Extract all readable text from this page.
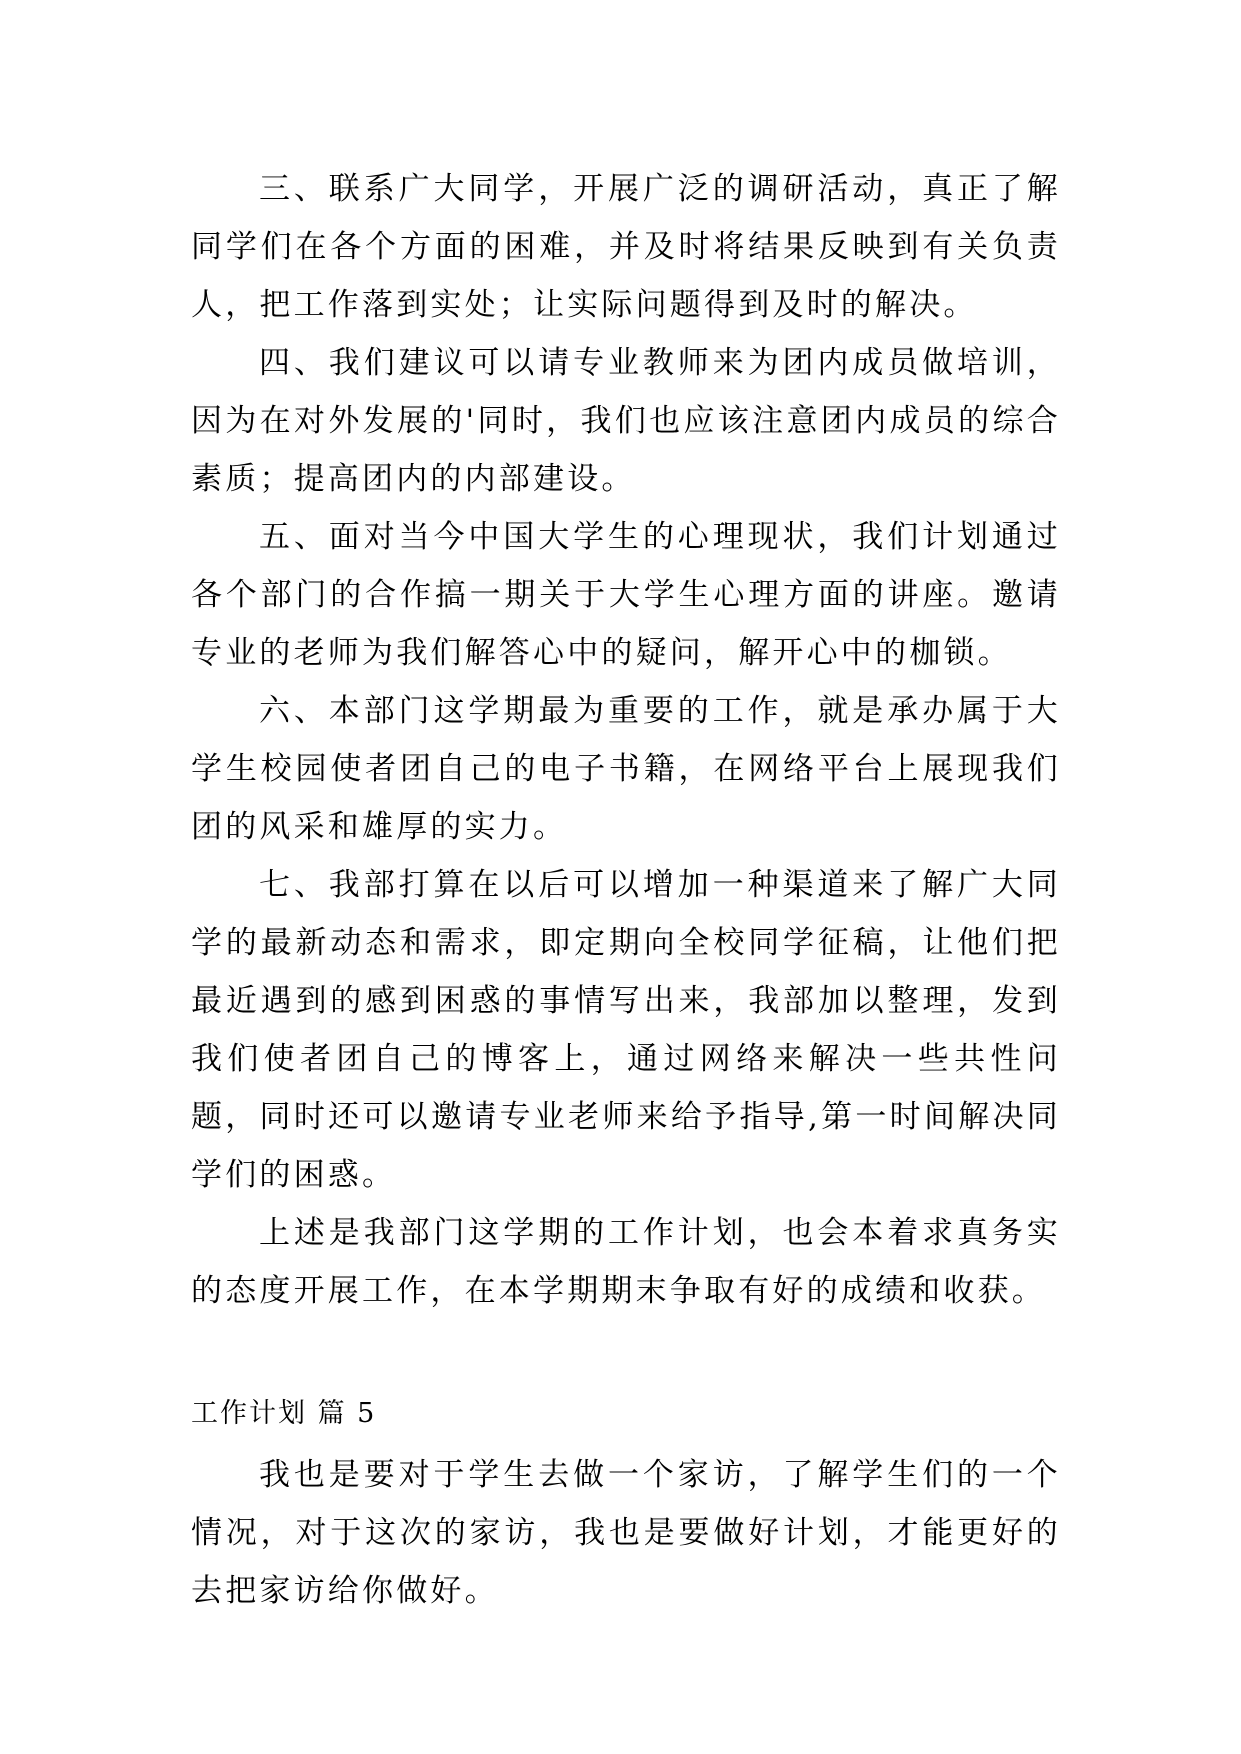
三、联系广大同学，开展广泛的调研活动，真正了解同学们在各个方面的困难，并及时将结果反映到有关负责人，把工作落到实处；让实际问题得到及时的解决。

四、我们建议可以请专业教师来为团内成员做培训，因为在对外发展的'同时，我们也应该注意团内成员的综合素质；提高团内的内部建设。

五、面对当今中国大学生的心理现状，我们计划通过各个部门的合作搞一期关于大学生心理方面的讲座。邀请专业的老师为我们解答心中的疑问，解开心中的枷锁。

六、本部门这学期最为重要的工作，就是承办属于大学生校园使者团自己的电子书籍，在网络平台上展现我们团的风采和雄厚的实力。

七、我部打算在以后可以增加一种渠道来了解广大同学的最新动态和需求，即定期向全校同学征稿，让他们把最近遇到的感到困惑的事情写出来，我部加以整理，发到我们使者团自己的博客上，通过网络来解决一些共性问题，同时还可以邀请专业老师来给予指导,第一时间解决同学们的困惑。

上述是我部门这学期的工作计划，也会本着求真务实的态度开展工作，在本学期期末争取有好的成绩和收获。

工作计划 篇 5

我也是要对于学生去做一个家访，了解学生们的一个情况，对于这次的家访，我也是要做好计划，才能更好的去把家访给你做好。
